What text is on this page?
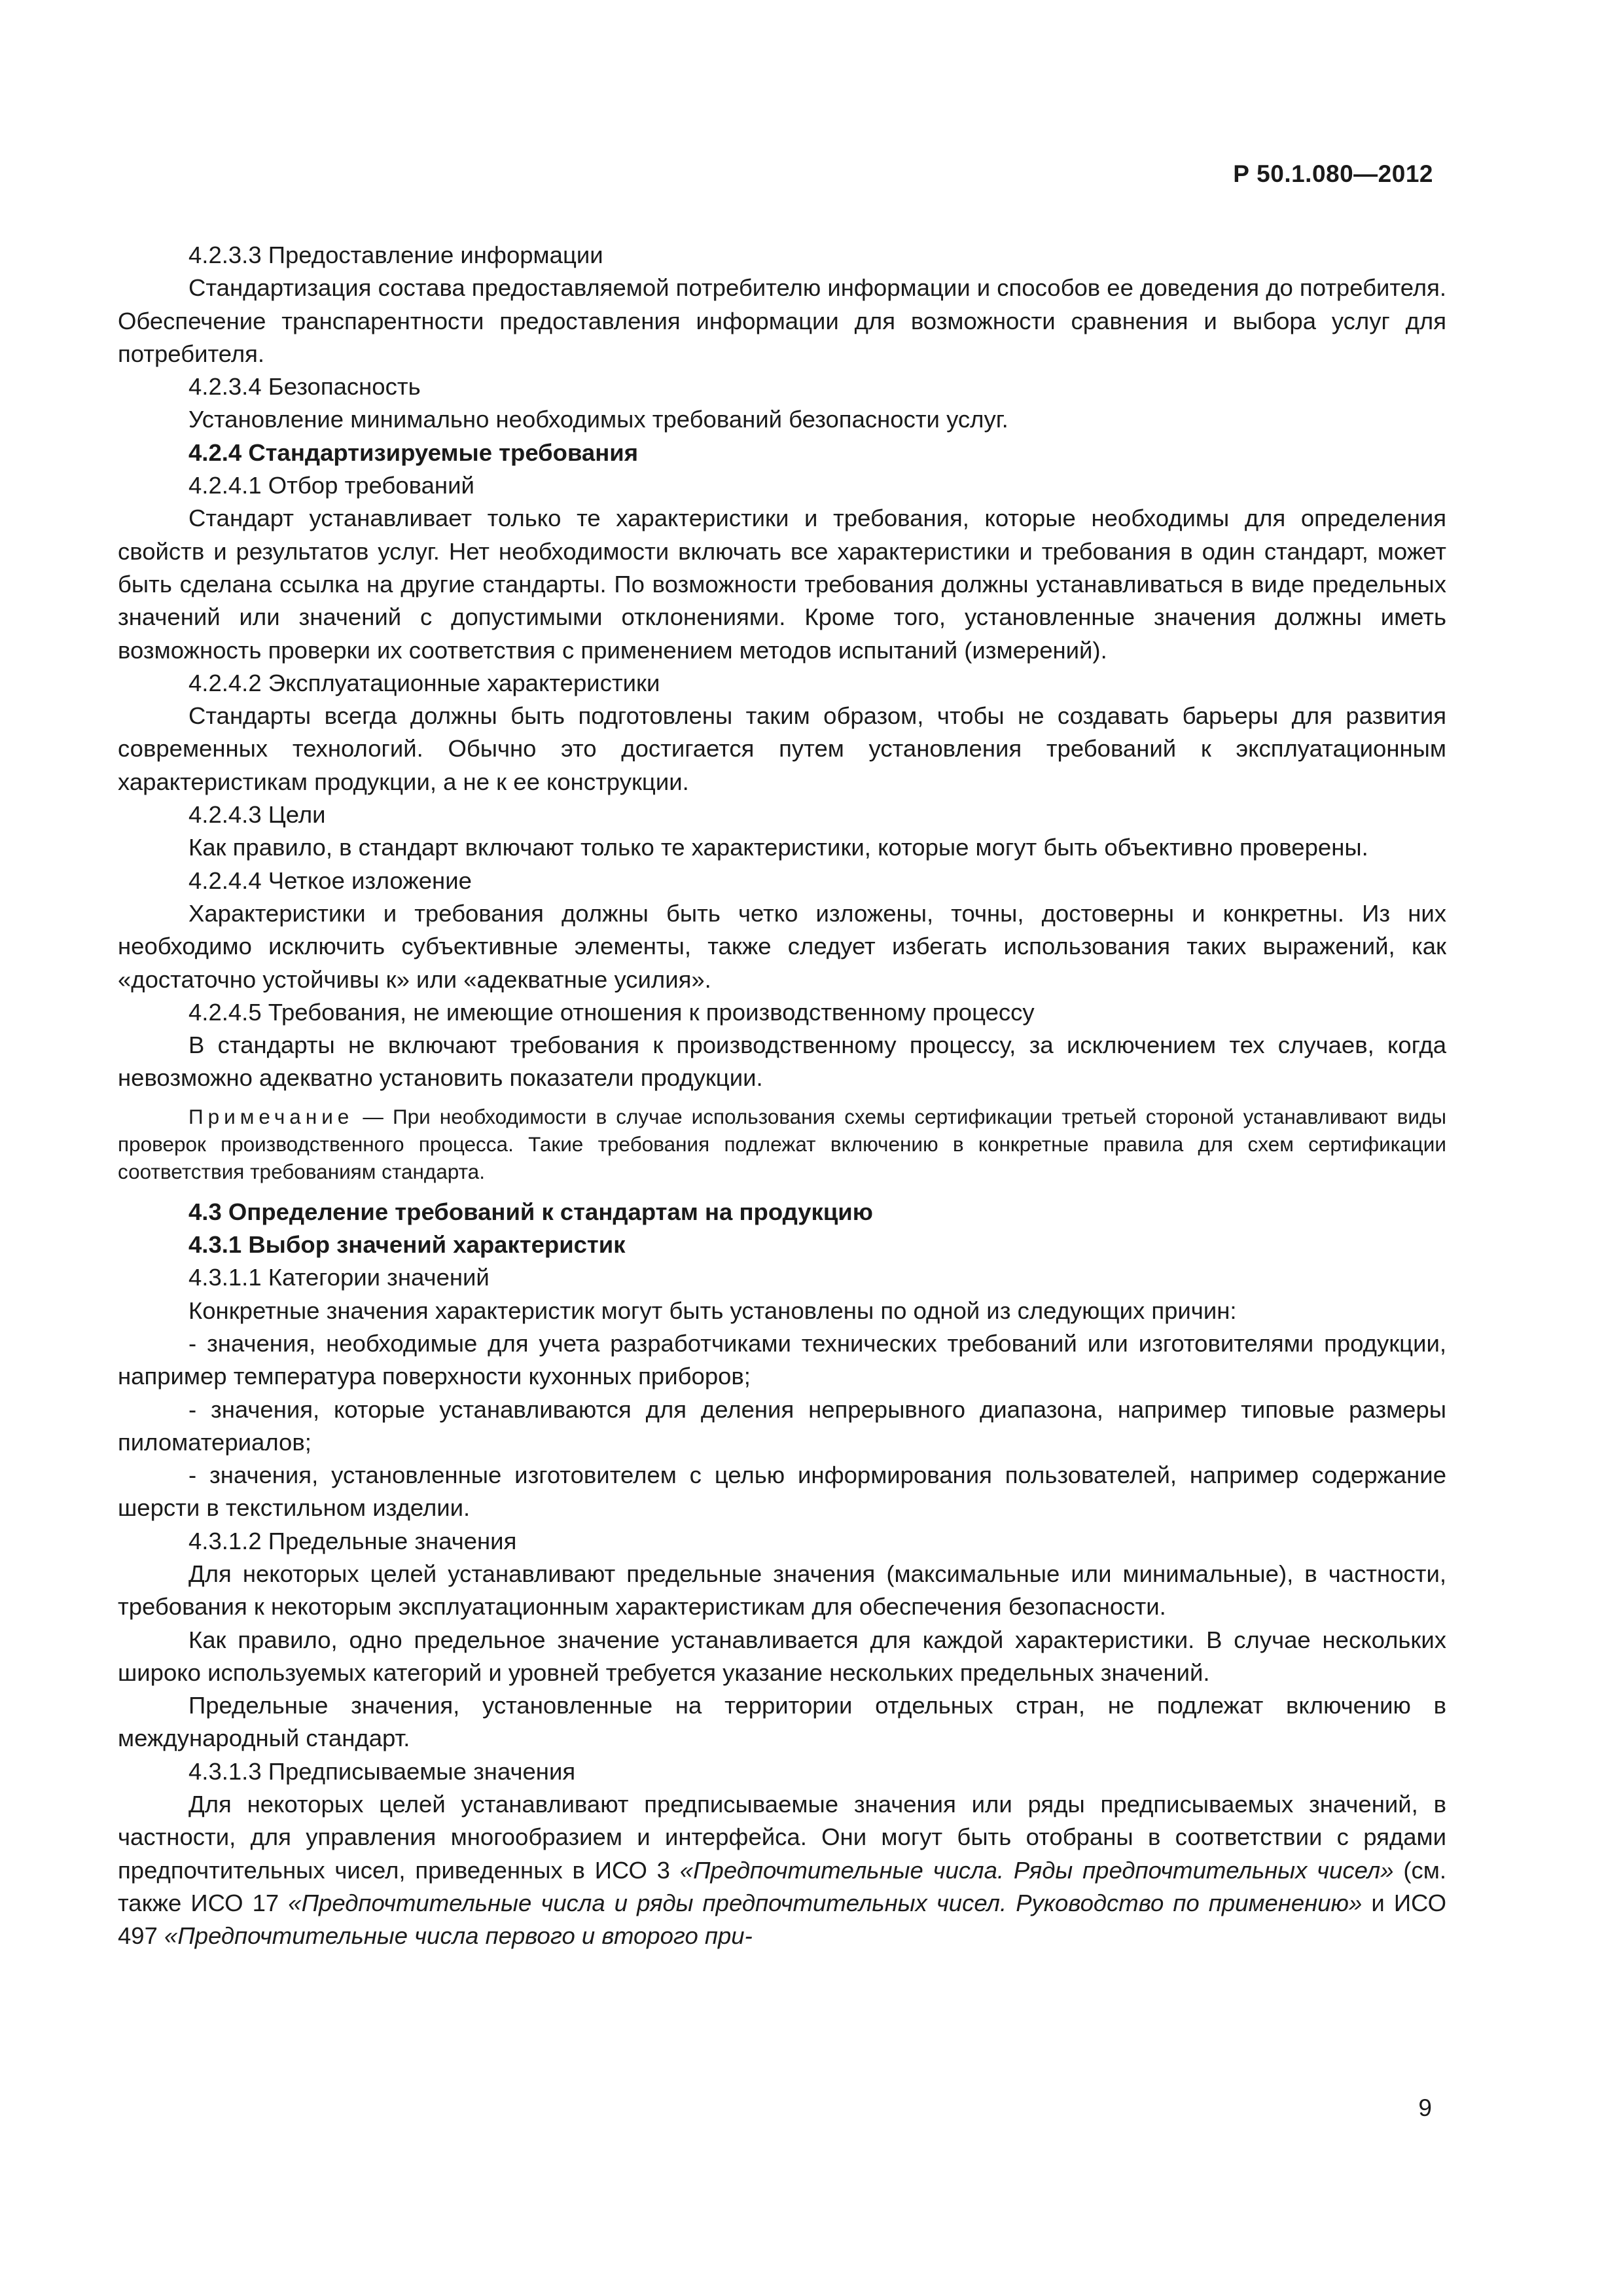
Р 50.1.080—2012
4.2.3.3 Предоставление информации
Стандартизация состава предоставляемой потребителю информации и способов ее доведения до потребителя. Обеспечение транспарентности предоставления информации для возможности сравнения и выбора услуг для потребителя.
4.2.3.4 Безопасность
Установление минимально необходимых требований безопасности услуг.
4.2.4 Стандартизируемые требования
4.2.4.1 Отбор требований
Стандарт устанавливает только те характеристики и требования, которые необходимы для определения свойств и результатов услуг. Нет необходимости включать все характеристики и требования в один стандарт, может быть сделана ссылка на другие стандарты. По возможности требования должны устанавливаться в виде предельных значений или значений с допустимыми отклонениями. Кроме того, установленные значения должны иметь возможность проверки их соответствия с применением методов испытаний (измерений).
4.2.4.2 Эксплуатационные характеристики
Стандарты всегда должны быть подготовлены таким образом, чтобы не создавать барьеры для развития современных технологий. Обычно это достигается путем установления требований к эксплуатационным характеристикам продукции, а не к ее конструкции.
4.2.4.3 Цели
Как правило, в стандарт включают только те характеристики, которые могут быть объективно проверены.
4.2.4.4 Четкое изложение
Характеристики и требования должны быть четко изложены, точны, достоверны и конкретны. Из них необходимо исключить субъективные элементы, также следует избегать использования таких выражений, как «достаточно устойчивы к» или «адекватные усилия».
4.2.4.5 Требования, не имеющие отношения к производственному процессу
В стандарты не включают требования к производственному процессу, за исключением тех случаев, когда невозможно адекватно установить показатели продукции.
Примечание — При необходимости в случае использования схемы сертификации третьей стороной устанавливают виды проверок производственного процесса. Такие требования подлежат включению в конкретные правила для схем сертификации соответствия требованиям стандарта.
4.3 Определение требований к стандартам на продукцию
4.3.1 Выбор значений характеристик
4.3.1.1 Категории значений
Конкретные значения характеристик могут быть установлены по одной из следующих причин:
- значения, необходимые для учета разработчиками технических требований или изготовителями продукции, например температура поверхности кухонных приборов;
- значения, которые устанавливаются для деления непрерывного диапазона, например типовые размеры пиломатериалов;
- значения, установленные изготовителем с целью информирования пользователей, например содержание шерсти в текстильном изделии.
4.3.1.2 Предельные значения
Для некоторых целей устанавливают предельные значения (максимальные или минимальные), в частности, требования к некоторым эксплуатационным характеристикам для обеспечения безопасности.
Как правило, одно предельное значение устанавливается для каждой характеристики. В случае нескольких широко используемых категорий и уровней требуется указание нескольких предельных значений.
Предельные значения, установленные на территории отдельных стран, не подлежат включению в международный стандарт.
4.3.1.3 Предписываемые значения
Для некоторых целей устанавливают предписываемые значения или ряды предписываемых значений, в частности, для управления многообразием и интерфейса. Они могут быть отобраны в соответствии с рядами предпочтительных чисел, приведенных в ИСО 3 «Предпочтительные числа. Ряды предпочтительных чисел» (см. также ИСО 17 «Предпочтительные числа и ряды предпочтительных чисел. Руководство по применению» и ИСО 497 «Предпочтительные числа первого и второго при-
9
